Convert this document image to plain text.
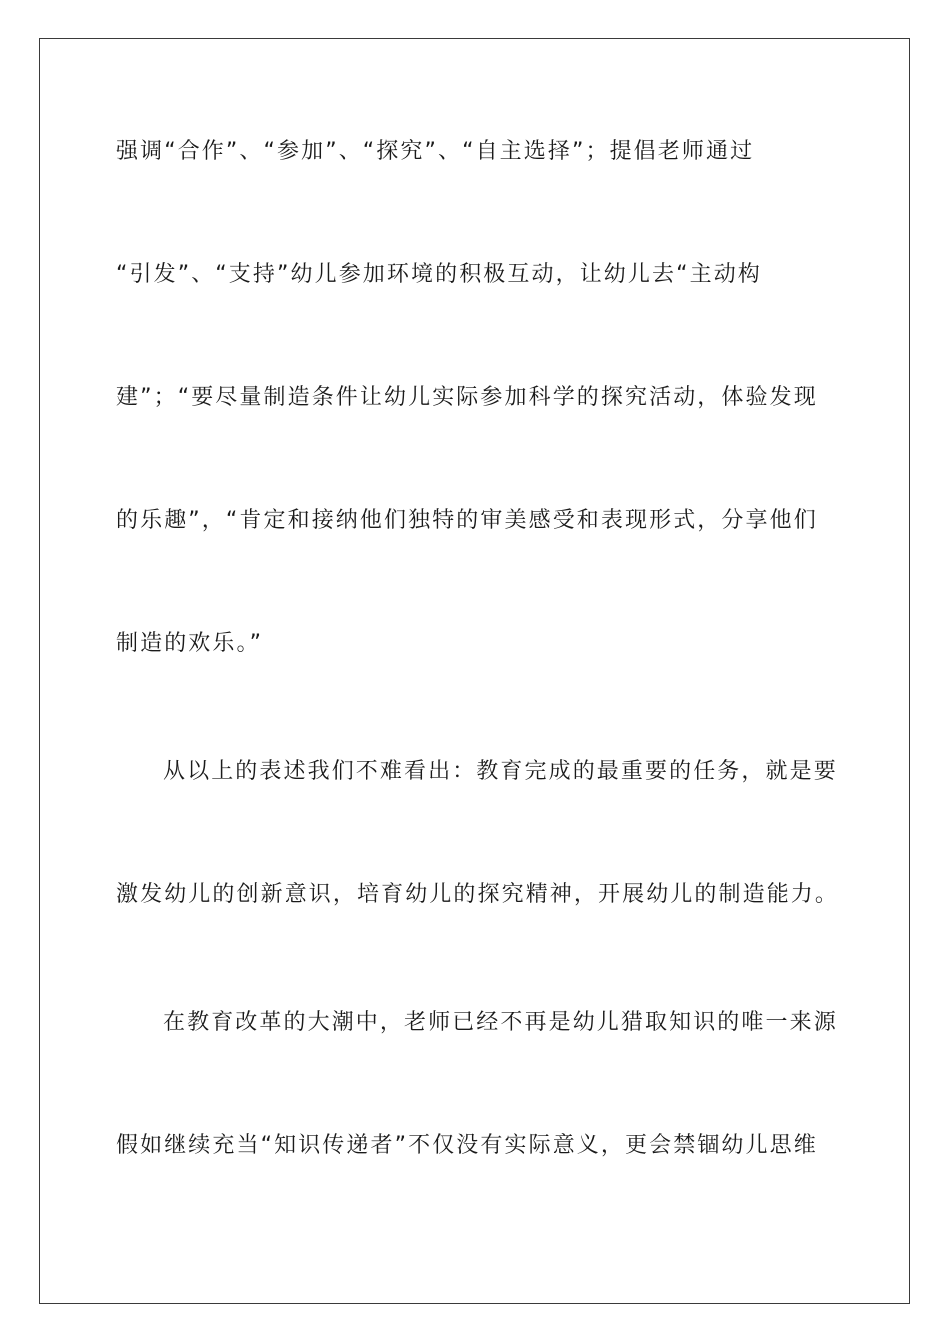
强调“合作”、“参加”、“探究”、“自主选择”；提倡老师通过
“引发”、“支持”幼儿参加环境的积极互动，让幼儿去“主动构
建”；“要尽量制造条件让幼儿实际参加科学的探究活动，体验发现
的乐趣”，“肯定和接纳他们独特的审美感受和表现形式，分享他们
制造的欢乐。”
从以上的表述我们不难看出：教育完成的最重要的任务，就是要
激发幼儿的创新意识，培育幼儿的探究精神，开展幼儿的制造能力。
在教育改革的大潮中，老师已经不再是幼儿猎取知识的唯一来源
假如继续充当“知识传递者”不仅没有实际意义，更会禁锢幼儿思维
